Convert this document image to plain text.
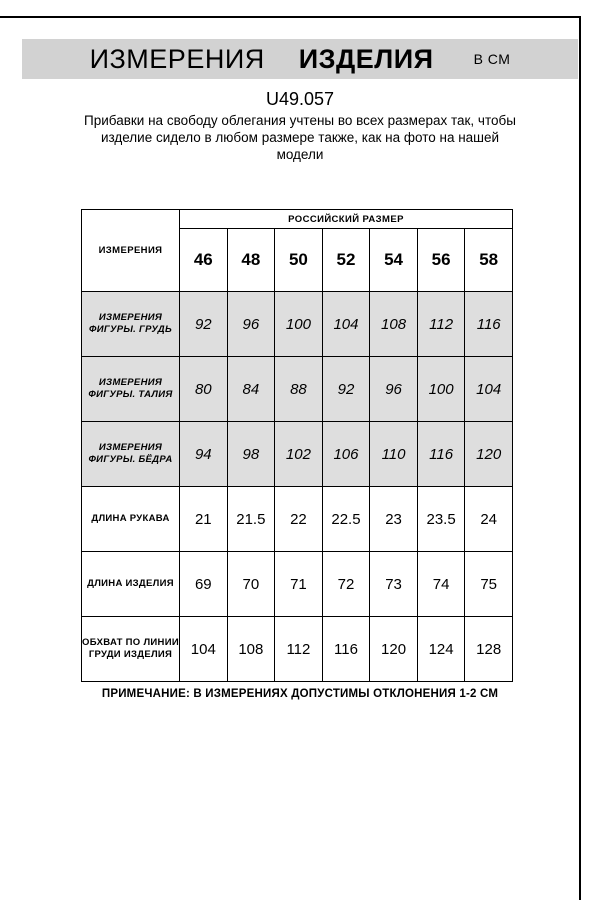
ИЗМЕРЕНИЯ ИЗДЕЛИЯ	В СМ
U49.057
Прибавки на свободу облегания учтены во всех размерах так, чтобы изделие сидело в любом размере также, как на фото на нашей модели
ИЗМЕРЕНИЯ	РОССИЙСКИЙ РАЗМЕР						
	46	48	50	52	54	56	58
ИЗМЕРЕНИЯ ФИГУРЫ. ГРУДЬ	92	96	100	104	108	112	116
ИЗМЕРЕНИЯ ФИГУРЫ. ТАЛИЯ	80	84	88	92	96	100	104
ИЗМЕРЕНИЯ ФИГУРЫ. БЁДРА	94	98	102	106	110	116	120
ДЛИНА РУКАВА	21	21.5	22	22.5	23	23.5	24
ДЛИНА ИЗДЕЛИЯ	69	70	71	72	73	74	75
ОБХВАТ ПО ЛИНИИ ГРУДИ ИЗДЕЛИЯ	104	108	112	116	120	124	128
ПРИМЕЧАНИЕ: В ИЗМЕРЕНИЯХ ДОПУСТИМЫ ОТКЛОНЕНИЯ 1-2 СМ
